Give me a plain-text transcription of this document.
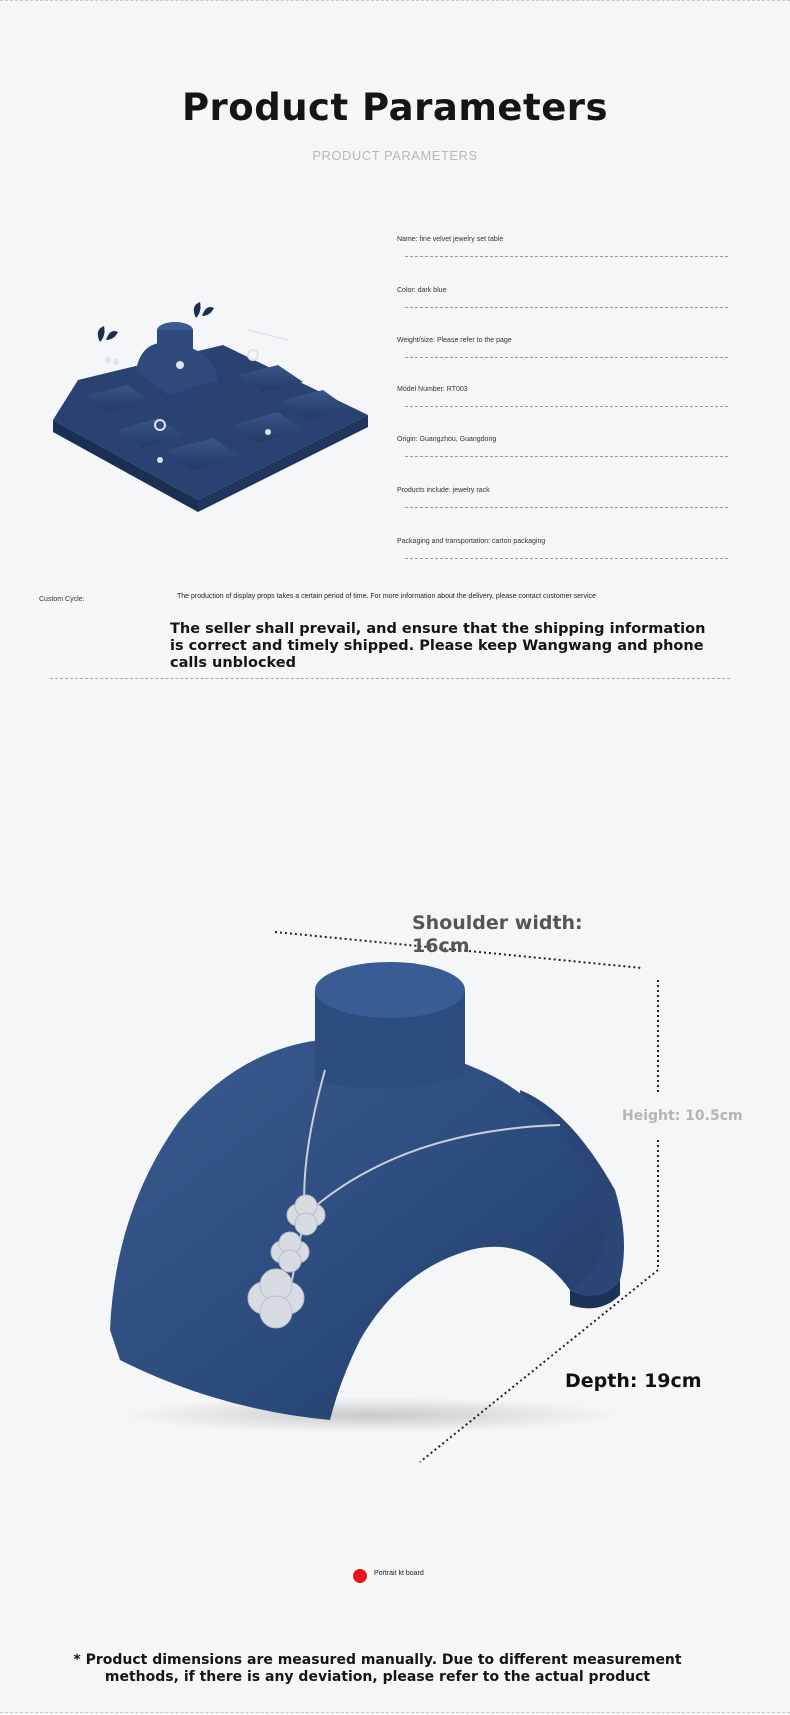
Product Parameters
PRODUCT PARAMETERS
Name: fine velvet jewelry set table
Color: dark blue
Weight/size: Please refer to the page
Model Number: RT003
Origin: Guangzhou, Guangdong
Products include: jewelry rack
Packaging and transportation: carton packaging
Custom Cycle:	The production of display props takes a certain period of time. For more information about the delivery, please contact customer service
The seller shall prevail, and ensure that the shipping information is correct and timely shipped. Please keep Wangwang and phone calls unblocked
Shoulder width: 16cm
Height: 10.5cm
Depth: 19cm
Portrait kt board
* Product dimensions are measured manually. Due to different measurement methods, if there is any deviation, please refer to the actual product
